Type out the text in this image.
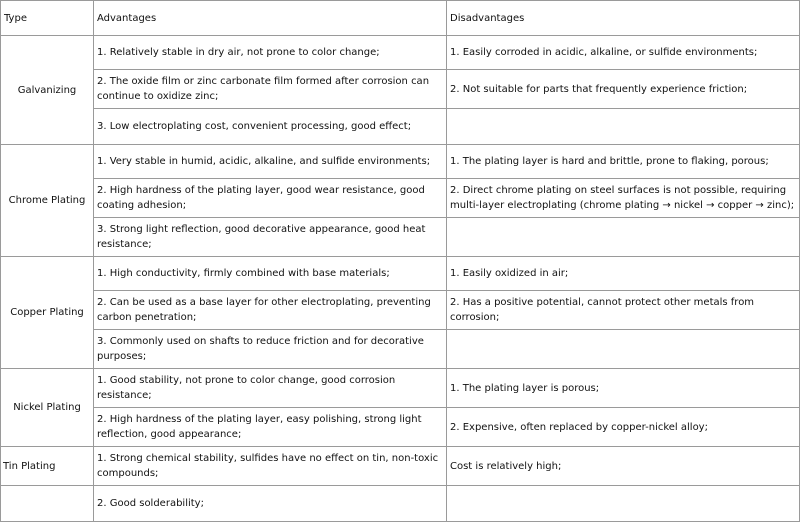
Type	Advantages	Disadvantages
Galvanizing	1. Relatively stable in dry air, not prone to color change;	1. Easily corroded in acidic, alkaline, or sulfide environments;
	2. The oxide film or zinc carbonate film formed after corrosion can continue to oxidize zinc;	2. Not suitable for parts that frequently experience friction;
	3. Low electroplating cost, convenient processing, good effect;	
Chrome Plating	1. Very stable in humid, acidic, alkaline, and sulfide environments;	1. The plating layer is hard and brittle, prone to flaking, porous;
	2. High hardness of the plating layer, good wear resistance, good coating adhesion;	2. Direct chrome plating on steel surfaces is not possible, requiring multi-layer electroplating (chrome plating → nickel → copper → zinc);
	3. Strong light reflection, good decorative appearance, good heat resistance;	
Copper Plating	1. High conductivity, firmly combined with base materials;	1. Easily oxidized in air;
	2. Can be used as a base layer for other electroplating, preventing carbon penetration;	2. Has a positive potential, cannot protect other metals from corrosion;
	3. Commonly used on shafts to reduce friction and for decorative purposes;	
Nickel Plating	1. Good stability, not prone to color change, good corrosion resistance;	1. The plating layer is porous;
	2. High hardness of the plating layer, easy polishing, strong light reflection, good appearance;	2. Expensive, often replaced by copper-nickel alloy;
Tin Plating	1. Strong chemical stability, sulfides have no effect on tin, non-toxic compounds;	Cost is relatively high;
	2. Good solderability;	
